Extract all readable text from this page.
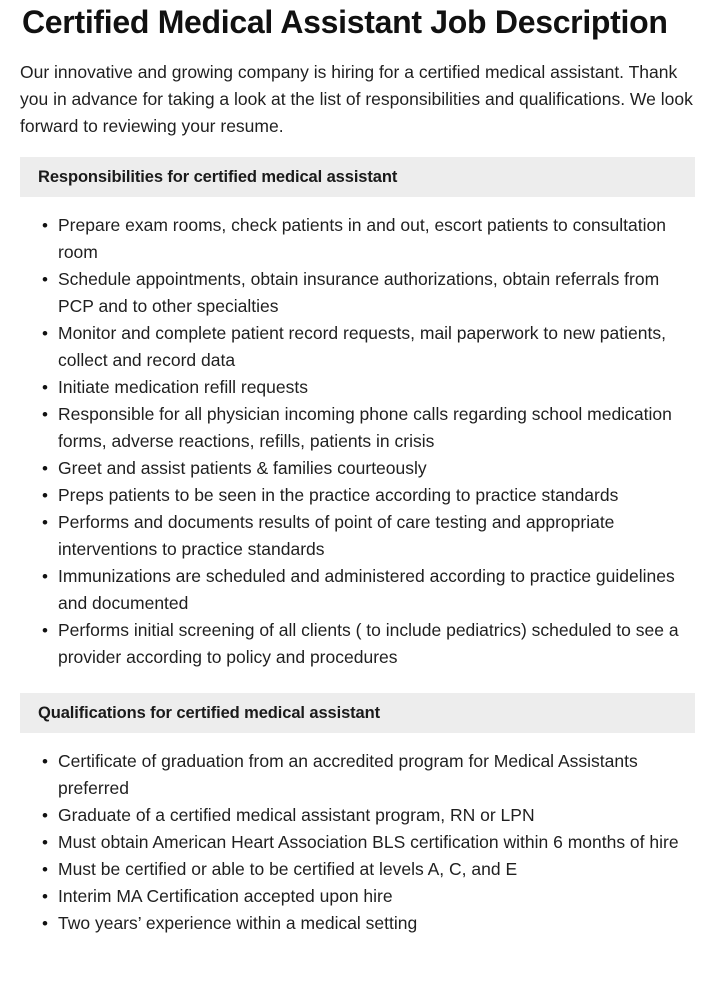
Certified Medical Assistant Job Description

Our innovative and growing company is hiring for a certified medical assistant. Thank you in advance for taking a look at the list of responsibilities and qualifications. We look forward to reviewing your resume.

Responsibilities for certified medical assistant
• Prepare exam rooms, check patients in and out, escort patients to consultation room
• Schedule appointments, obtain insurance authorizations, obtain referrals from PCP and to other specialties
• Monitor and complete patient record requests, mail paperwork to new patients, collect and record data
• Initiate medication refill requests
• Responsible for all physician incoming phone calls regarding school medication forms, adverse reactions, refills, patients in crisis
• Greet and assist patients & families courteously
• Preps patients to be seen in the practice according to practice standards
• Performs and documents results of point of care testing and appropriate interventions to practice standards
• Immunizations are scheduled and administered according to practice guidelines and documented
• Performs initial screening of all clients ( to include pediatrics) scheduled to see a provider according to policy and procedures
Qualifications for certified medical assistant
• Certificate of graduation from an accredited program for Medical Assistants preferred
• Graduate of a certified medical assistant program, RN or LPN
• Must obtain American Heart Association BLS certification within 6 months of hire
• Must be certified or able to be certified at levels A, C, and E
• Interim MA Certification accepted upon hire
• Two years’ experience within a medical setting
